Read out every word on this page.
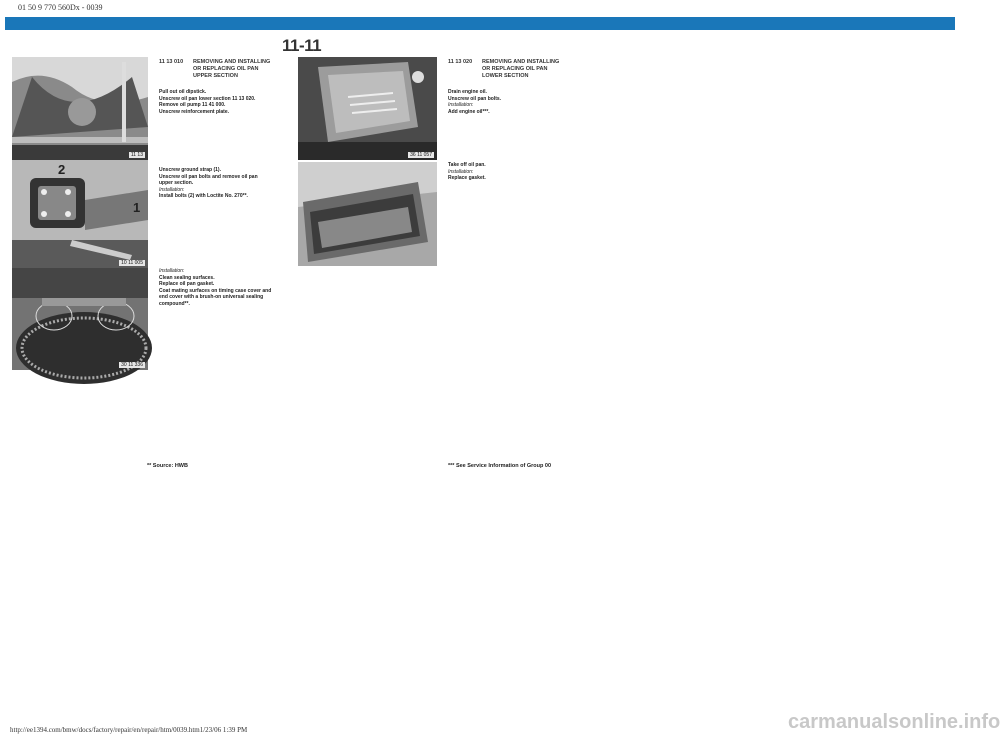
01 50 9 770 560Dx - 0039
11-11
11 13
2
1
10 11 005
30 11 336
36 11 057
11 13 010 REMOVING AND INSTALLING
OR REPLACING OIL PAN
UPPER SECTION
Pull out oil dipstick.
Unscrew oil pan lower section 11 13 020.
Remove oil pump 11 41 000.
Unscrew reinforcement plate.
Unscrew ground strap (1).
Unscrew oil pan bolts and remove oil pan
upper section.
Installation:
Install bolts (2) with Loctite No. 270**.
Installation:
Clean sealing surfaces.
Replace oil pan gasket.
Coat mating surfaces on timing case cover and
end cover with a brush-on universal sealing
compound**.
11 13 020 REMOVING AND INSTALLING
OR REPLACING OIL PAN
LOWER SECTION
Drain engine oil.
Unscrew oil pan bolts.
Installation:
Add engine oil***.
Take off oil pan.
Installation:
Replace gasket.
** Source: HWB	*** See Service Information of Group 00
http://ee1394.com/bmw/docs/factory/repair/en/repair/htm/0039.htm1/23/06 1:39 PM	carmanualsonline.info
